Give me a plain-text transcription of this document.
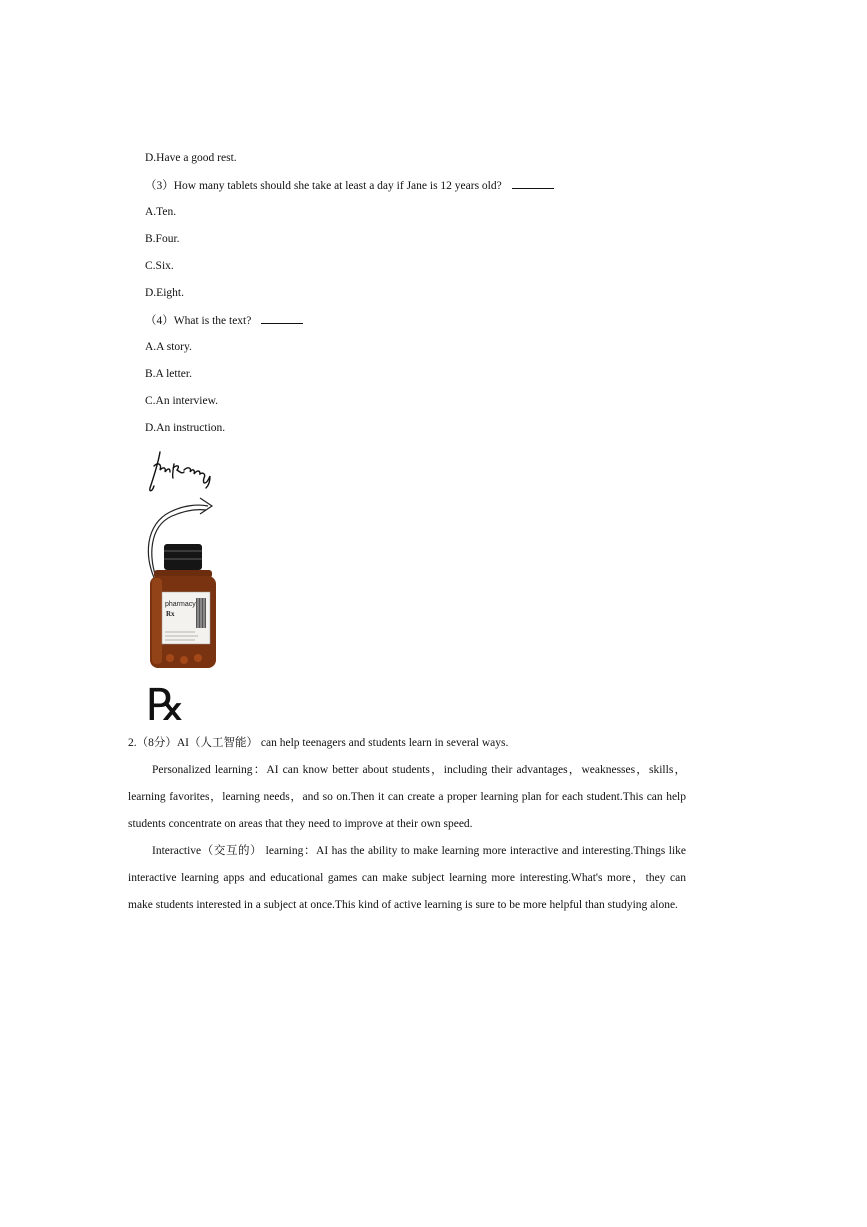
D.Have a good rest.
（3）How many tablets should she take at least a day if Jane is 12 years old?
A.Ten.
B.Four.
C.Six.
D.Eight.
（4）What is the text?
A.A story.
B.A letter.
C.An interview.
D.An instruction.
pharmacy
Rx
℞
2.（8分）AI（人工智能） can help teenagers and students learn in several ways.
Personalized learning：AI can know better about students，including their advantages，weaknesses，skills，learning favorites，learning needs，and so on.Then it can create a proper learning plan for each student.This can help students concentrate on areas that they need to improve at their own speed.
Interactive（交互的） learning：AI has the ability to make learning more interactive and interesting.Things like interactive learning apps and educational games can make subject learning more interesting.What's more，they can make students interested in a subject at once.This kind of active learning is sure to be more helpful than studying alone.
